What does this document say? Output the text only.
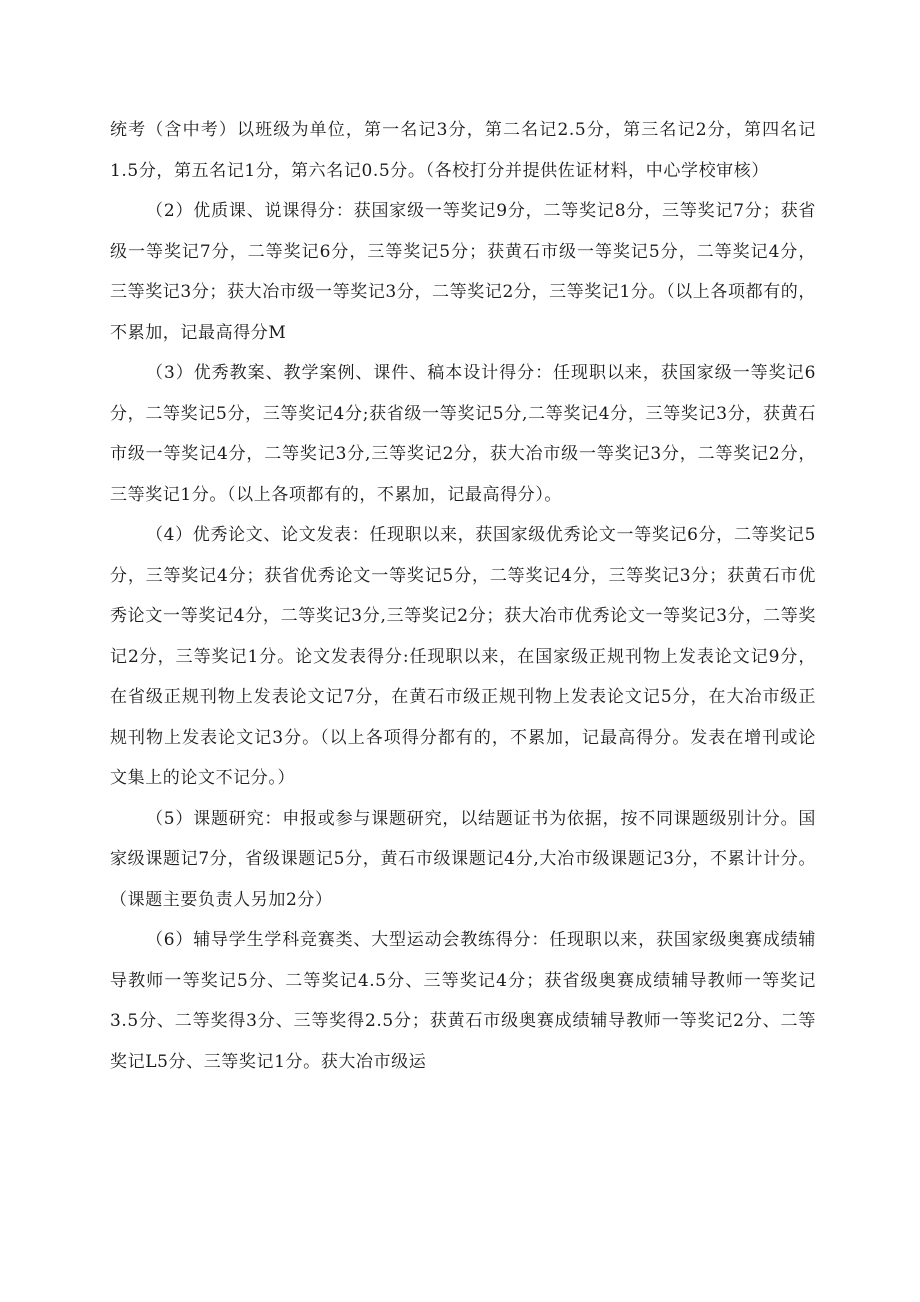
统考（含中考）以班级为单位，第一名记3分，第二名记2.5分，第三名记2分，第四名记1.5分，第五名记1分，第六名记0.5分。（各校打分并提供佐证材料，中心学校审核）

（2）优质课、说课得分：获国家级一等奖记9分，二等奖记8分，三等奖记7分；获省级一等奖记7分，二等奖记6分，三等奖记5分；获黄石市级一等奖记5分，二等奖记4分，三等奖记3分；获大冶市级一等奖记3分，二等奖记2分，三等奖记1分。（以上各项都有的，不累加，记最高得分M

（3）优秀教案、教学案例、课件、稿本设计得分：任现职以来，获国家级一等奖记6分，二等奖记5分，三等奖记4分;获省级一等奖记5分,二等奖记4分，三等奖记3分，获黄石市级一等奖记4分，二等奖记3分,三等奖记2分，获大冶市级一等奖记3分，二等奖记2分，三等奖记1分。（以上各项都有的，不累加，记最高得分）。

（4）优秀论文、论文发表：任现职以来，获国家级优秀论文一等奖记6分，二等奖记5分，三等奖记4分；获省优秀论文一等奖记5分，二等奖记4分，三等奖记3分；获黄石市优秀论文一等奖记4分，二等奖记3分,三等奖记2分；获大冶市优秀论文一等奖记3分，二等奖记2分，三等奖记1分。论文发表得分:任现职以来，在国家级正规刊物上发表论文记9分，在省级正规刊物上发表论文记7分，在黄石市级正规刊物上发表论文记5分，在大冶市级正规刊物上发表论文记3分。（以上各项得分都有的，不累加，记最高得分。发表在增刊或论文集上的论文不记分。）

（5）课题研究：申报或参与课题研究，以结题证书为依据，按不同课题级别计分。国家级课题记7分，省级课题记5分，黄石市级课题记4分,大冶市级课题记3分，不累计计分。（课题主要负责人另加2分）

（6）辅导学生学科竞赛类、大型运动会教练得分：任现职以来，获国家级奥赛成绩辅导教师一等奖记5分、二等奖记4.5分、三等奖记4分；获省级奥赛成绩辅导教师一等奖记3.5分、二等奖得3分、三等奖得2.5分；获黄石市级奥赛成绩辅导教师一等奖记2分、二等奖记L5分、三等奖记1分。获大冶市级运
